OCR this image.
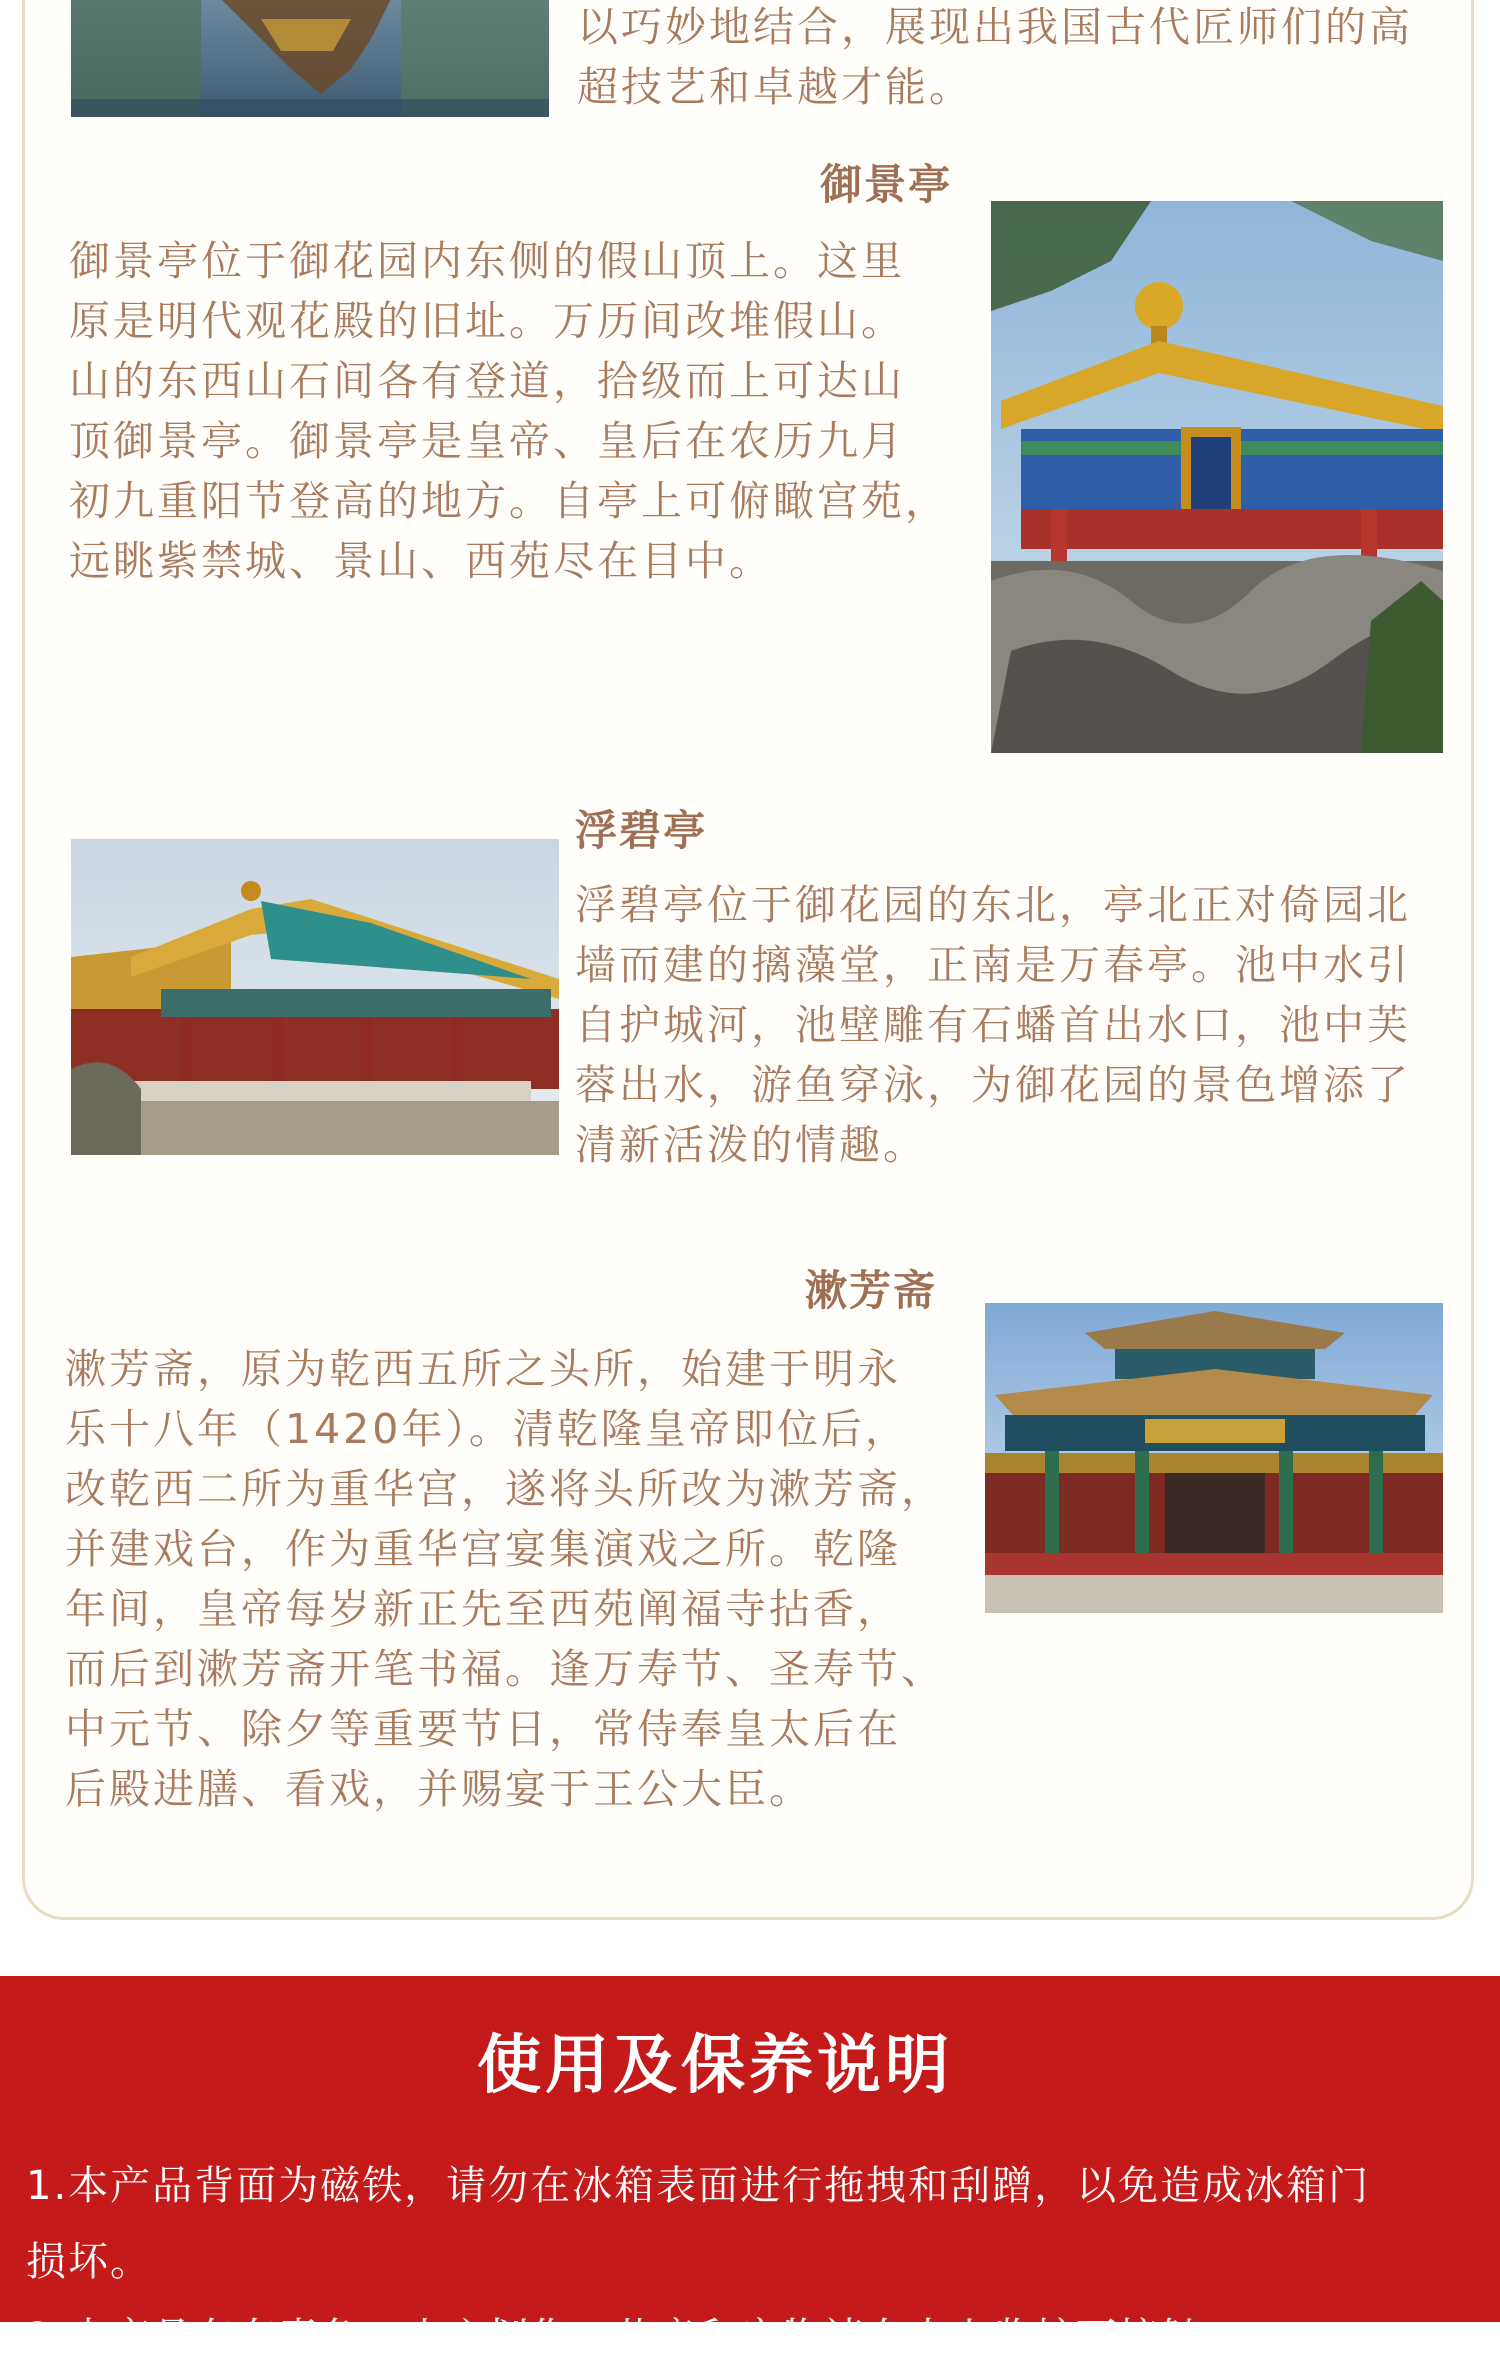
以巧妙地结合，展现出我国古代匠师们的高
超技艺和卓越才能。

御景亭

御景亭位于御花园内东侧的假山顶上。这里
原是明代观花殿的旧址。万历间改堆假山。
山的东西山石间各有登道，拾级而上可达山
顶御景亭。御景亭是皇帝、皇后在农历九月
初九重阳节登高的地方。自亭上可俯瞰宫苑，
远眺紫禁城、景山、西苑尽在目中。

浮碧亭

浮碧亭位于御花园的东北，亭北正对倚园北
墙而建的摛藻堂，正南是万春亭。池中水引
自护城河，池壁雕有石蟠首出水口，池中芙
蓉出水，游鱼穿泳，为御花园的景色增添了
清新活泼的情趣。

漱芳斋

漱芳斋，原为乾西五所之头所，始建于明永
乐十八年（1420年）。清乾隆皇帝即位后，
改乾西二所为重华宫，遂将头所改为漱芳斋，
并建戏台，作为重华宫宴集演戏之所。乾隆
年间，皇帝每岁新正先至西苑阐福寺拈香，
而后到漱芳斋开笔书福。逢万寿节、圣寿节、
中元节、除夕等重要节日，常侍奉皇太后在
后殿进膳、看戏，并赐宴于王公大臣。

使用及保养说明

1.本产品背面为磁铁，请勿在冰箱表面进行拖拽和刮蹭，以免造成冰箱门
损坏。
2.本产品存有毒角，小心划伤，儿童和宠物请在大人监护下接触。
